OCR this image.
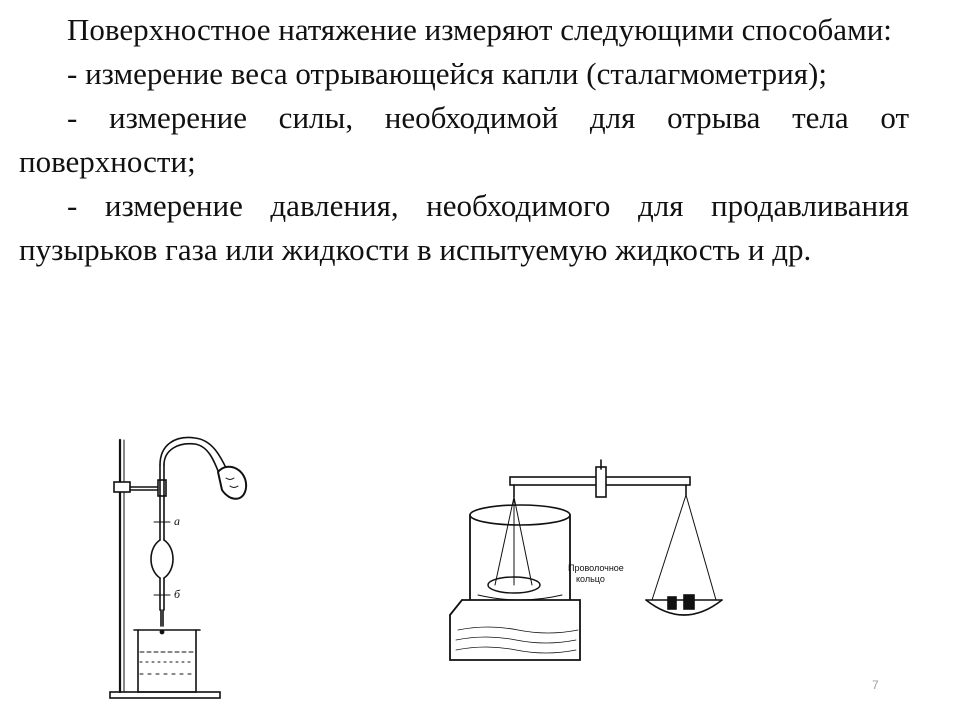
Поверхностное натяжение измеряют следующими способами:

- измерение веса отрывающейся капли (сталагмометрия);

- измерение силы, необходимой для отрыва тела от поверхности;

- измерение давления, необходимого для продавливания пузырьков газа или жидкости в испытуемую жидкость и др.

а
б
Проволочное
кольцо
7
